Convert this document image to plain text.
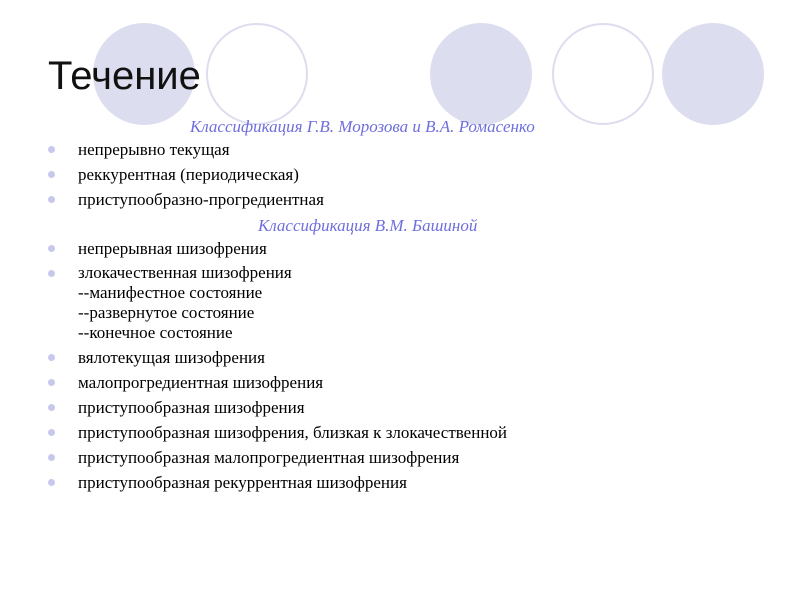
Течение
Классификация Г.В. Морозова и В.А. Ромасенко
непрерывно текущая
реккурентная (периодическая)
приступообразно-прогредиентная
Классификация В.М. Башиной
непрерывная шизофрения
злокачественная шизофрения
--манифестное состояние
--развернутое состояние
--конечное состояние
вялотекущая шизофрения
малопрогредиентная шизофрения
приступообразная шизофрения
приступообразная шизофрения, близкая к злокачественной
приступообразная малопрогредиентная шизофрения
приступообразная рекуррентная шизофрения
